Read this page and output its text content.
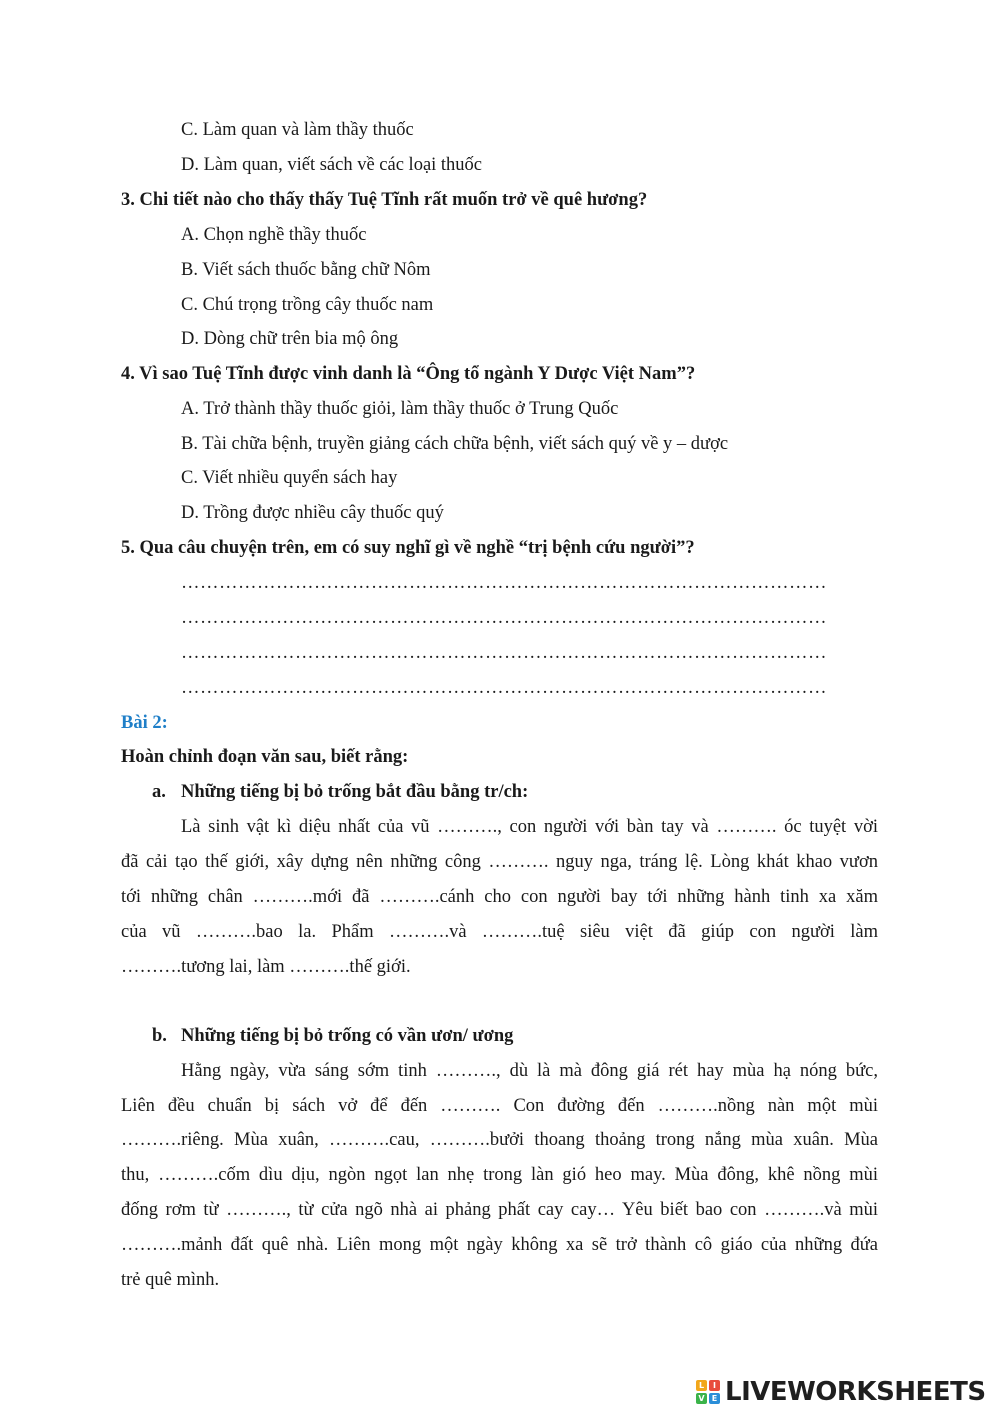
C. Làm quan và làm thầy thuốc
D. Làm quan, viết sách về các loại thuốc
3. Chi tiết nào cho thấy thấy Tuệ Tĩnh rất muốn trở về quê hương?
A. Chọn nghề thầy thuốc
B. Viết sách thuốc bằng chữ Nôm
C. Chú trọng trồng cây thuốc nam
D. Dòng chữ trên bia mộ ông
4. Vì sao Tuệ Tĩnh được vinh danh là “Ông tổ ngành Y Dược Việt Nam”?
A. Trở thành thầy thuốc giỏi, làm thầy thuốc ở Trung Quốc
B. Tài chữa bệnh, truyền giảng cách chữa bệnh, viết sách quý về y – dược
C. Viết nhiều quyển sách hay
D. Trồng được nhiều cây thuốc quý
5. Qua câu chuyện trên, em có suy nghĩ gì về nghề “trị bệnh cứu người”?
…………………………………………………………………………………………
…………………………………………………………………………………………
…………………………………………………………………………………………
…………………………………………………………………………………………
Bài 2:
Hoàn chỉnh đoạn văn sau, biết rằng:
a. Những tiếng bị bỏ trống bắt đầu bằng tr/ch:
Là sinh vật kì diệu nhất của vũ ………., con người với bàn tay và ………. óc tuyệt vời
đã cải tạo thế giới, xây dựng nên những công ………. nguy nga, tráng lệ. Lòng khát khao vươn
tới những chân ……….mới đã ……….cánh cho con người bay tới những hành tinh xa xăm
của vũ ……….bao la. Phẩm ……….và ……….tuệ siêu việt đã giúp con người làm
……….tương lai, làm ……….thế giới.
b. Những tiếng bị bỏ trống có vần ươn/ ương
Hằng ngày, vừa sáng sớm tinh ………., dù là mà đông giá rét hay mùa hạ nóng bức,
Liên đều chuẩn bị sách vở để đến ………. Con đường đến ……….nồng nàn một mùi
……….riêng. Mùa xuân, ……….cau, ……….bưởi thoang thoảng trong nắng mùa xuân. Mùa
thu, ……….cốm dìu dịu, ngòn ngọt lan nhẹ trong làn gió heo may. Mùa đông, khê nồng mùi
đống rơm từ ………., từ cửa ngõ nhà ai phảng phất cay cay… Yêu biết bao con ……….và mùi
……….mảnh đất quê nhà. Liên mong một ngày không xa sẽ trở thành cô giáo của những đứa
trẻ quê mình.
L	I
V E LIVEWORKSHEETS
